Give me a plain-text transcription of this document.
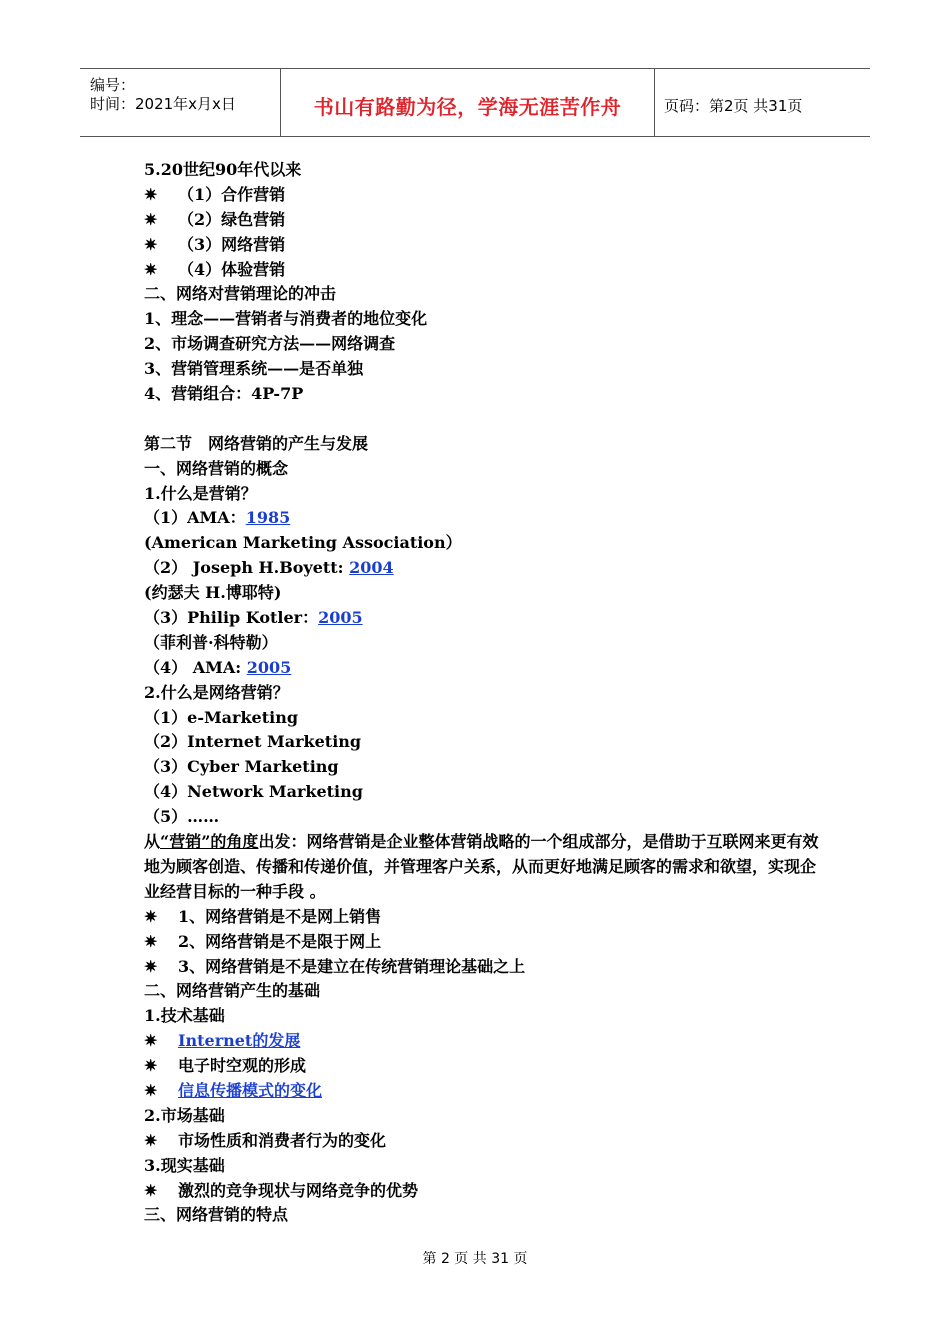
编号：
时间：2021年x月x日	书山有路勤为径，学海无涯苦作舟	页码：第2页 共31页
5.20世纪90年代以来
✷ （1）合作营销
✷ （2）绿色营销
✷ （3）网络营销
✷ （4）体验营销
二、网络对营销理论的冲击
1、理念——营销者与消费者的地位变化
2、市场调查研究方法——网络调查
3、营销管理系统——是否单独
4、营销组合：4P-7P
第二节　网络营销的产生与发展
一、网络营销的概念
1.什么是营销？
（1）AMA：1985
(American Marketing Association）
（2） Joseph H.Boyett: 2004
(约瑟夫 H.博耶特)
（3）Philip Kotler：2005
（菲利普·科特勒）
（4） AMA: 2005
2.什么是网络营销？
（1）e-Marketing
（2）Internet Marketing
（3）Cyber Marketing
（4）Network Marketing
（5）……
从“营销”的角度出发：网络营销是企业整体营销战略的一个组成部分，是借助于互联网来更有效地为顾客创造、传播和传递价值，并管理客户关系，从而更好地满足顾客的需求和欲望，实现企业经营目标的一种手段 。
✷ 1、网络营销是不是网上销售
✷ 2、网络营销是不是限于网上
✷ 3、网络营销是不是建立在传统营销理论基础之上
二、网络营销产生的基础
1.技术基础
✷ Internet的发展
✷ 电子时空观的形成
✷ 信息传播模式的变化
2.市场基础
✷ 市场性质和消费者行为的变化
3.现实基础
✷ 激烈的竞争现状与网络竞争的优势
三、网络营销的特点
第 2 页 共 31 页
